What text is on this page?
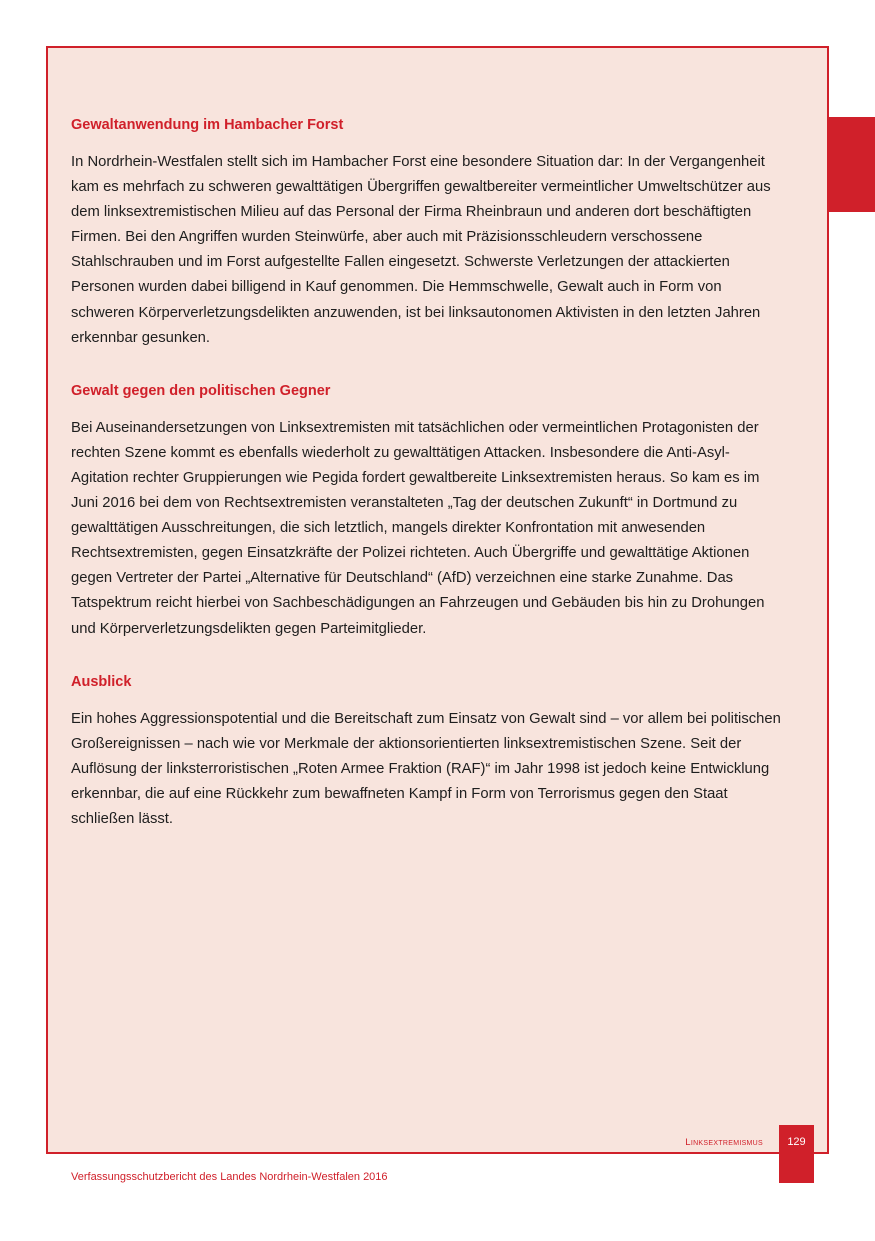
Gewaltanwendung im Hambacher Forst

In Nordrhein-Westfalen stellt sich im Hambacher Forst eine besondere Situation dar: In der Vergangenheit kam es mehrfach zu schweren gewalttätigen Übergriffen gewaltbereiter vermeintlicher Umweltschützer aus dem linksextremistischen Milieu auf das Personal der Firma Rheinbraun und anderen dort beschäftigten Firmen. Bei den Angriffen wurden Steinwürfe, aber auch mit Präzisionsschleudern verschossene Stahlschrauben und im Forst aufgestellte Fallen eingesetzt. Schwerste Verletzungen der attackierten Personen wurden dabei billigend in Kauf genommen. Die Hemmschwelle, Gewalt auch in Form von schweren Körperverletzungsdelikten anzuwenden, ist bei linksautonomen Aktivisten in den letzten Jahren erkennbar gesunken.

Gewalt gegen den politischen Gegner

Bei Auseinandersetzungen von Linksextremisten mit tatsächlichen oder vermeintlichen Protagonisten der rechten Szene kommt es ebenfalls wiederholt zu gewalttätigen Attacken. Insbesondere die Anti-Asyl-Agitation rechter Gruppierungen wie Pegida fordert gewaltbereite Linksextremisten heraus. So kam es im Juni 2016 bei dem von Rechtsextremisten veranstalteten „Tag der deutschen Zukunft“ in Dortmund zu gewalttätigen Ausschreitungen, die sich letztlich, mangels direkter Konfrontation mit anwesenden Rechtsextremisten, gegen Einsatzkräfte der Polizei richteten. Auch Übergriffe und gewalttätige Aktionen gegen Vertreter der Partei „Alternative für Deutschland“ (AfD) verzeichnen eine starke Zunahme. Das Tatspektrum reicht hierbei von Sachbeschädigungen an Fahrzeugen und Gebäuden bis hin zu Drohungen und Körperverletzungsdelikten gegen Parteimitglieder.

Ausblick

Ein hohes Aggressionspotential und die Bereitschaft zum Einsatz von Gewalt sind – vor allem bei politischen Großereignissen – nach wie vor Merkmale der aktionsorientierten linksextremistischen Szene. Seit der Auflösung der linksterroristischen „Roten Armee Fraktion (RAF)“ im Jahr 1998 ist jedoch keine Entwicklung erkennbar, die auf eine Rückkehr zum bewaffneten Kampf in Form von Terrorismus gegen den Staat schließen lässt.

Linksextremismus	129
Verfassungsschutzbericht des Landes Nordrhein-Westfalen 2016
